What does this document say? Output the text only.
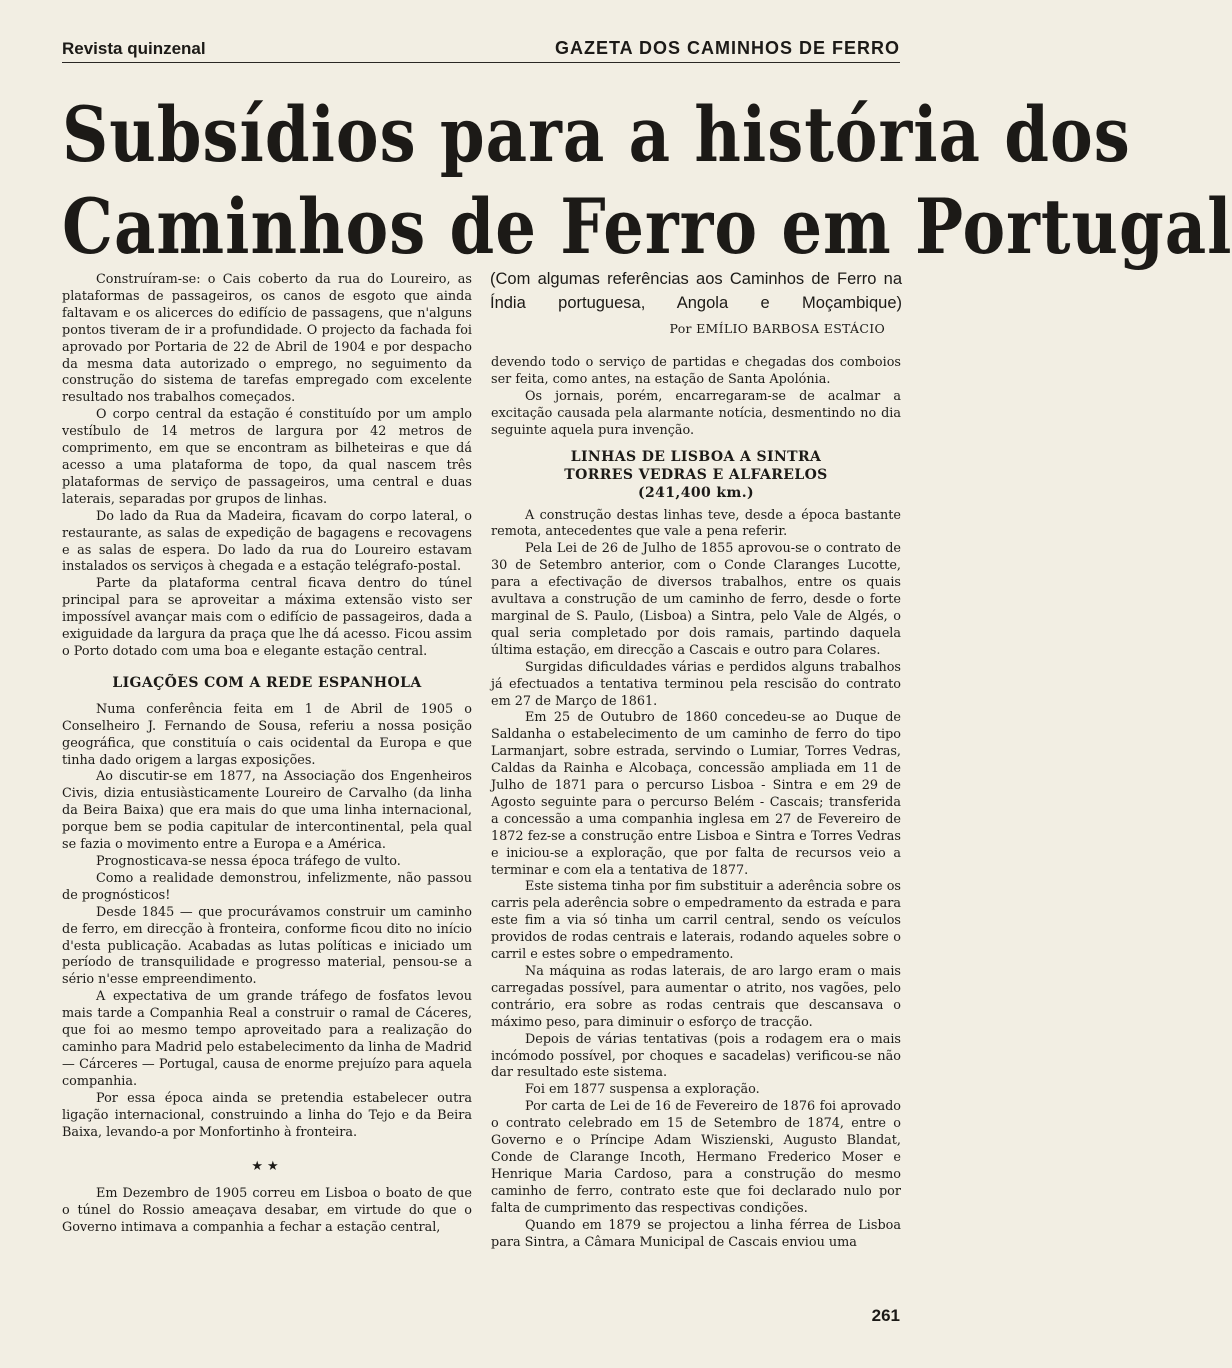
Revista quinzenal	GAZETA DOS CAMINHOS DE FERRO
Subsídios para a história dos
Caminhos de Ferro em Portugal
(Com algumas referências aos Caminhos de Ferro na Índia portuguesa, Angola e Moçambique)
Por EMÍLIO BARBOSA ESTÁCIO

Construíram-se: o Cais coberto da rua do Loureiro, as plataformas de passageiros, os canos de esgoto que ainda faltavam e os alicerces do edifício de passagens, que n'alguns pontos tiveram de ir a profundidade. O projecto da fachada foi aprovado por Portaria de 22 de Abril de 1904 e por despacho da mesma data autorizado o emprego, no seguimento da construção do sistema de tarefas empregado com excelente resultado nos trabalhos começados.

O corpo central da estação é constituído por um amplo vestíbulo de 14 metros de largura por 42 metros de comprimento, em que se encontram as bilheteiras e que dá acesso a uma plataforma de topo, da qual nascem três plataformas de serviço de passageiros, uma central e duas laterais, separadas por grupos de linhas.

Do lado da Rua da Madeira, ficavam do corpo lateral, o restaurante, as salas de expedição de bagagens e recovagens e as salas de espera. Do lado da rua do Loureiro estavam instalados os serviços à chegada e a estação telégrafo-postal.

Parte da plataforma central ficava dentro do túnel principal para se aproveitar a máxima extensão visto ser impossível avançar mais com o edifício de passageiros, dada a exiguidade da largura da praça que lhe dá acesso. Ficou assim o Porto dotado com uma boa e elegante estação central.

LIGAÇÕES COM A REDE ESPANHOLA

Numa conferência feita em 1 de Abril de 1905 o Conselheiro J. Fernando de Sousa, referiu a nossa posição geográfica, que constituía o cais ocidental da Europa e que tinha dado origem a largas exposições.

Ao discutir-se em 1877, na Associação dos Engenheiros Civis, dizia entusiàsticamente Loureiro de Carvalho (da linha da Beira Baixa) que era mais do que uma linha internacional, porque bem se podia capitular de intercontinental, pela qual se fazia o movimento entre a Europa e a América.

Prognosticava-se nessa época tráfego de vulto.

Como a realidade demonstrou, infelizmente, não passou de prognósticos!

Desde 1845 — que procurávamos construir um caminho de ferro, em direcção à fronteira, conforme ficou dito no início d'esta publicação. Acabadas as lutas políticas e iniciado um período de transquilidade e progresso material, pensou-se a sério n'esse empreendimento.

A expectativa de um grande tráfego de fosfatos levou mais tarde a Companhia Real a construir o ramal de Cáceres, que foi ao mesmo tempo aproveitado para a realização do caminho para Madrid pelo estabelecimento da linha de Madrid — Cárceres — Portugal, causa de enorme prejuízo para aquela companhia.

Por essa época ainda se pretendia estabelecer outra ligação internacional, construindo a linha do Tejo e da Beira Baixa, levando-a por Monfortinho à fronteira.

★★

Em Dezembro de 1905 correu em Lisboa o boato de que o túnel do Rossio ameaçava desabar, em virtude do que o Governo intimava a companhia a fechar a estação central,

devendo todo o serviço de partidas e chegadas dos comboios ser feita, como antes, na estação de Santa Apolónia.

Os jornais, porém, encarregaram-se de acalmar a excitação causada pela alarmante notícia, desmentindo no dia seguinte aquela pura invenção.

LINHAS DE LISBOA A SINTRA
TORRES VEDRAS E ALFARELOS
(241,400 km.)

A construção destas linhas teve, desde a época bastante remota, antecedentes que vale a pena referir.

Pela Lei de 26 de Julho de 1855 aprovou-se o contrato de 30 de Setembro anterior, com o Conde Claranges Lucotte, para a efectivação de diversos trabalhos, entre os quais avultava a construção de um caminho de ferro, desde o forte marginal de S. Paulo, (Lisboa) a Sintra, pelo Vale de Algés, o qual seria completado por dois ramais, partindo daquela última estação, em direcção a Cascais e outro para Colares.

Surgidas dificuldades várias e perdidos alguns trabalhos já efectuados a tentativa terminou pela rescisão do contrato em 27 de Março de 1861.

Em 25 de Outubro de 1860 concedeu-se ao Duque de Saldanha o estabelecimento de um caminho de ferro do tipo Larmanjart, sobre estrada, servindo o Lumiar, Torres Vedras, Caldas da Rainha e Alcobaça, concessão ampliada em 11 de Julho de 1871 para o percurso Lisboa - Sintra e em 29 de Agosto seguinte para o percurso Belém - Cascais; transferida a concessão a uma companhia inglesa em 27 de Fevereiro de 1872 fez-se a construção entre Lisboa e Sintra e Torres Vedras e iniciou-se a exploração, que por falta de recursos veio a terminar e com ela a tentativa de 1877.

Este sistema tinha por fim substituir a aderência sobre os carris pela aderência sobre o empedramento da estrada e para este fim a via só tinha um carril central, sendo os veículos providos de rodas centrais e laterais, rodando aqueles sobre o carril e estes sobre o empedramento.

Na máquina as rodas laterais, de aro largo eram o mais carregadas possível, para aumentar o atrito, nos vagões, pelo contrário, era sobre as rodas centrais que descansava o máximo peso, para diminuir o esforço de tracção.

Depois de várias tentativas (pois a rodagem era o mais incómodo possível, por choques e sacadelas) verificou-se não dar resultado este sistema.

Foi em 1877 suspensa a exploração.

Por carta de Lei de 16 de Fevereiro de 1876 foi aprovado o contrato celebrado em 15 de Setembro de 1874, entre o Governo e o Príncipe Adam Wiszienski, Augusto Blandat, Conde de Clarange Incoth, Hermano Frederico Moser e Henrique Maria Cardoso, para a construção do mesmo caminho de ferro, contrato este que foi declarado nulo por falta de cumprimento das respectivas condições.

Quando em 1879 se projectou a linha férrea de Lisboa para Sintra, a Câmara Municipal de Cascais enviou uma

261
